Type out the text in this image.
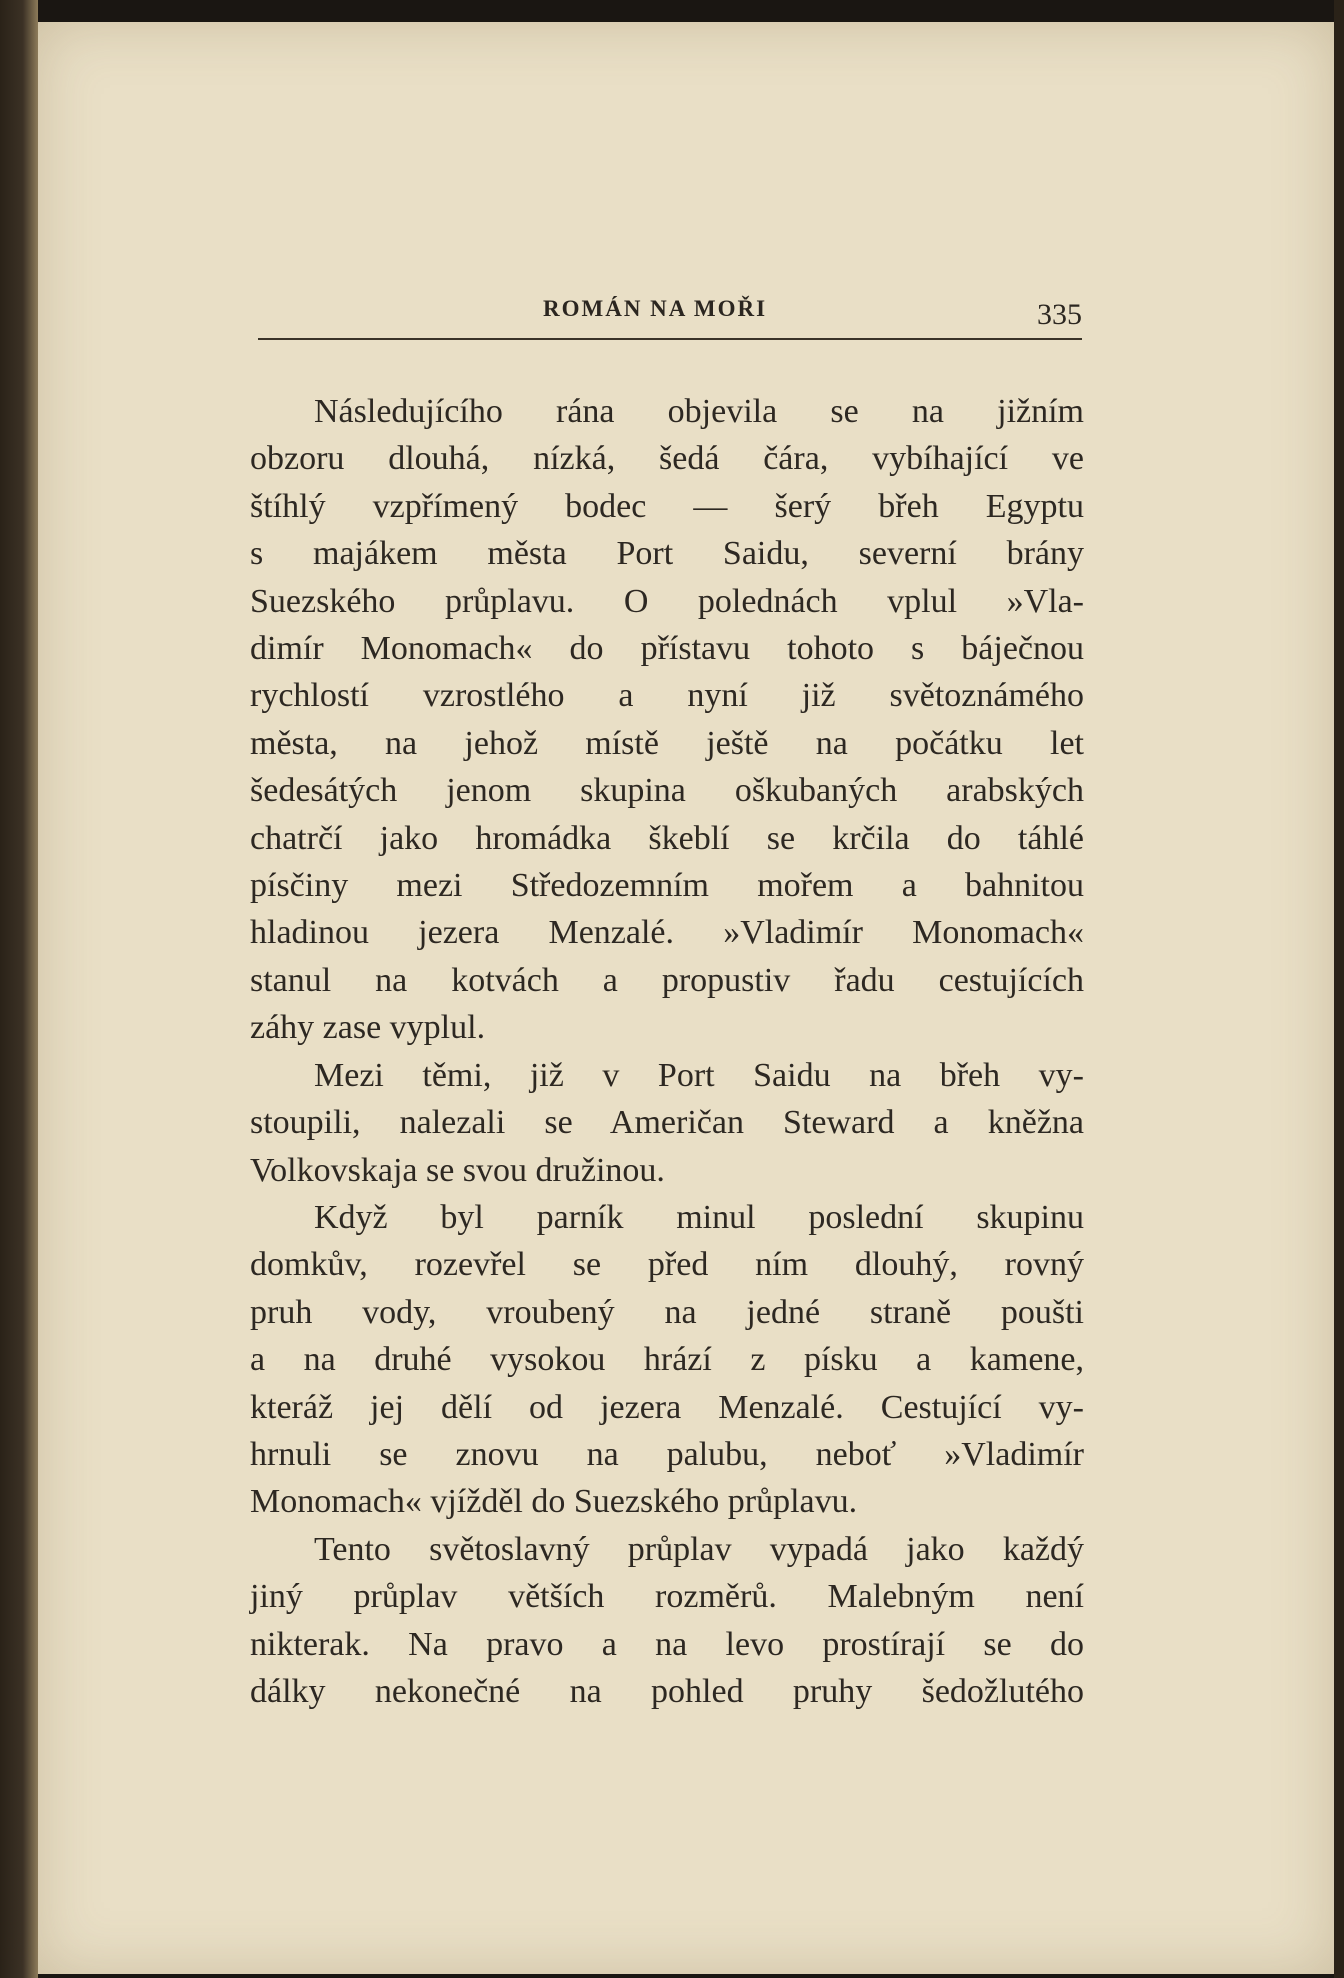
ROMÁN NA MOŘI	335
Následujícího rána objevila se na jižním
obzoru dlouhá, nízká, šedá čára, vybíhající ve
štíhlý vzpřímený bodec — šerý břeh Egyptu
s majákem města Port Saidu, severní brány
Suezského průplavu. O polednách vplul »Vla-
dimír Monomach« do přístavu tohoto s báječnou
rychlostí vzrostlého a nyní již světoznámého
města, na jehož místě ještě na počátku let
šedesátých jenom skupina oškubaných arabských
chatrčí jako hromádka škeblí se krčila do táhlé
písčiny mezi Středozemním mořem a bahnitou
hladinou jezera Menzalé. »Vladimír Monomach«
stanul na kotvách a propustiv řadu cestujících
záhy zase vyplul.
Mezi těmi, již v Port Saidu na břeh vy-
stoupili, nalezali se Američan Steward a kněžna
Volkovskaja se svou družinou.
Když byl parník minul poslední skupinu
domkův, rozevřel se před ním dlouhý, rovný
pruh vody, vroubený na jedné straně poušti
a na druhé vysokou hrází z písku a kamene,
kteráž jej dělí od jezera Menzalé. Cestující vy-
hrnuli se znovu na palubu, neboť »Vladimír
Monomach« vjížděl do Suezského průplavu.
Tento světoslavný průplav vypadá jako každý
jiný průplav větších rozměrů. Malebným není
nikterak. Na pravo a na levo prostírají se do
dálky nekonečné na pohled pruhy šedožlutého
